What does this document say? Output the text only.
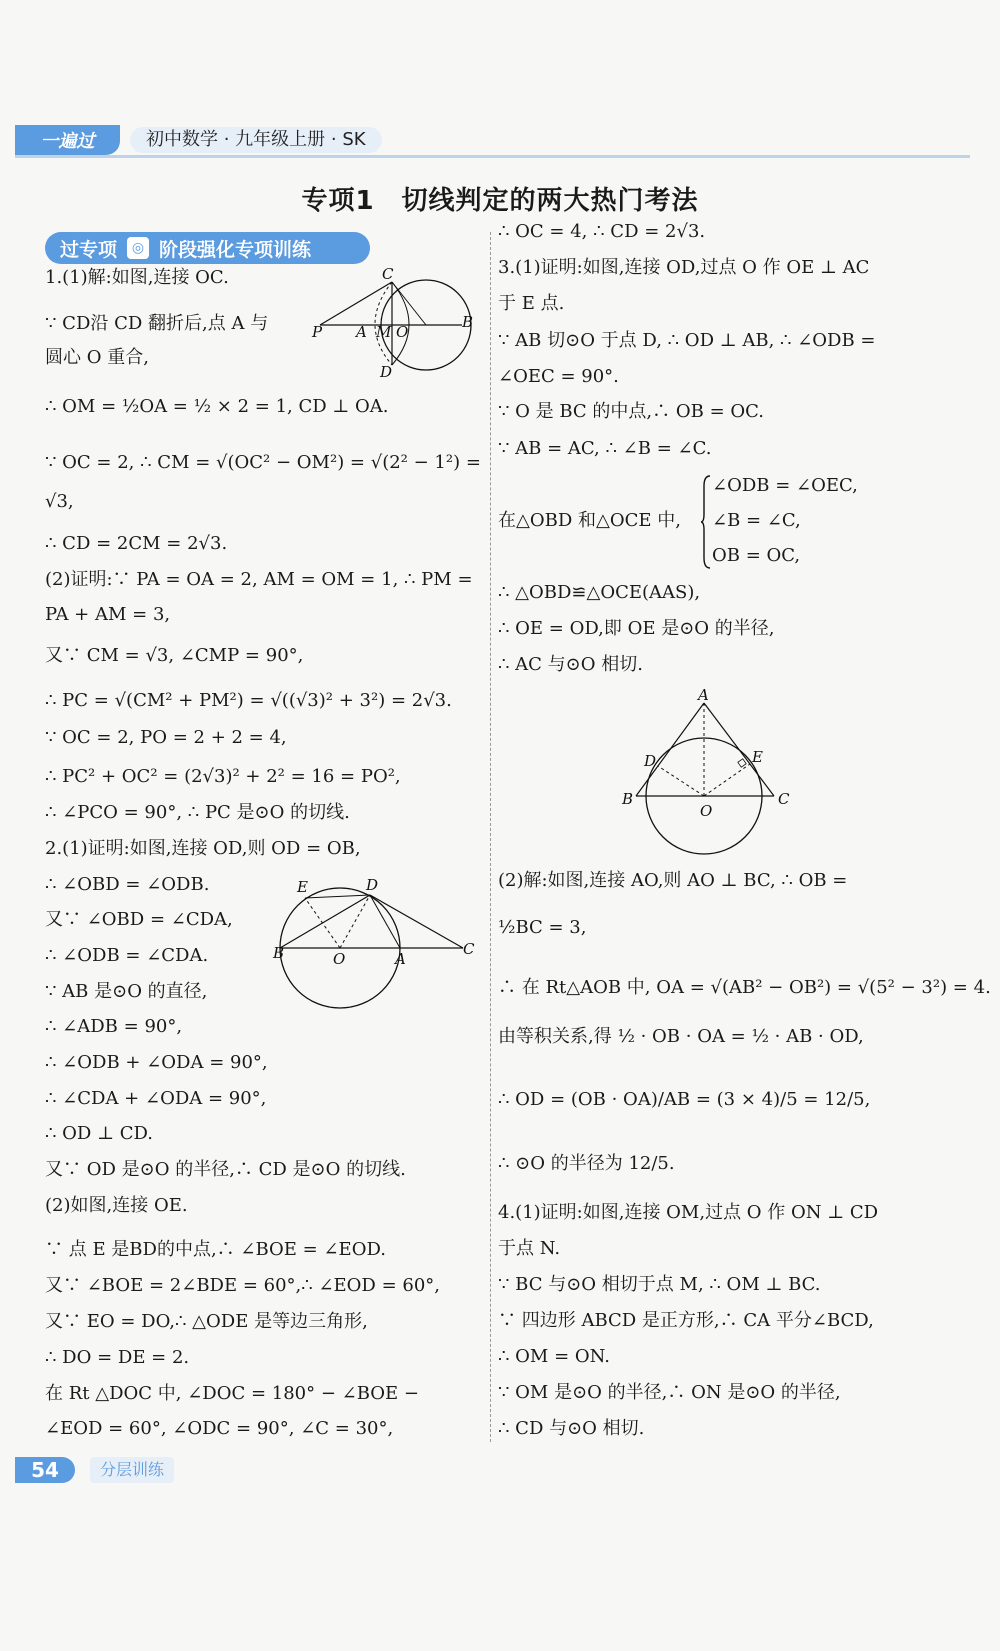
一遍过	初中数学 · 九年级上册 · SK
专项1　切线判定的两大热门考法
过专项	◎ 阶段强化专项训练
1.(1)解:如图,连接 OC.
∵ CD沿 CD 翻折后,点 A 与
圆心 O 重合,
∴ OM = ½OA = ½ × 2 = 1, CD ⊥ OA.
∵ OC = 2, ∴ CM = √(OC² − OM²) = √(2² − 1²) =
√3,
∴ CD = 2CM = 2√3.
(2)证明:∵ PA = OA = 2, AM = OM = 1, ∴ PM =
PA + AM = 3,
又∵ CM = √3, ∠CMP = 90°,
∴ PC = √(CM² + PM²) = √((√3)² + 3²) = 2√3.
∵ OC = 2, PO = 2 + 2 = 4,
∴ PC² + OC² = (2√3)² + 2² = 16 = PO²,
∴ ∠PCO = 90°, ∴ PC 是⊙O 的切线.
2.(1)证明:如图,连接 OD,则 OD = OB,
∴ ∠OBD = ∠ODB.
又∵ ∠OBD = ∠CDA,
∴ ∠ODB = ∠CDA.
∵ AB 是⊙O 的直径,
∴ ∠ADB = 90°,
∴ ∠ODB + ∠ODA = 90°,
∴ ∠CDA + ∠ODA = 90°,
∴ OD ⊥ CD.
又∵ OD 是⊙O 的半径,∴ CD 是⊙O 的切线.
(2)如图,连接 OE.
∵ 点 E 是BD的中点,∴ ∠BOE = ∠EOD.
又∵ ∠BOE = 2∠BDE = 60°,∴ ∠EOD = 60°,
又∵ EO = DO,∴ △ODE 是等边三角形,
∴ DO = DE = 2.
在 Rt △DOC 中, ∠DOC = 180° − ∠BOE −
∠EOD = 60°, ∠ODC = 90°, ∠C = 30°,
C
P A M O
B
D
E	D
B	O	A
C
∴ OC = 4, ∴ CD = 2√3.
3.(1)证明:如图,连接 OD,过点 O 作 OE ⊥ AC
于 E 点.
∵ AB 切⊙O 于点 D, ∴ OD ⊥ AB, ∴ ∠ODB =
∠OEC = 90°.
∵ O 是 BC 的中点,∴ OB = OC.
∵ AB = AC, ∴ ∠B = ∠C.
∠ODB = ∠OEC,
在△OBD 和△OCE 中, ∠B = ∠C,
OB = OC,
∴ △OBD≌△OCE(AAS),
∴ OE = OD,即 OE 是⊙O 的半径,
∴ AC 与⊙O 相切.
(2)解:如图,连接 AO,则 AO ⊥ BC, ∴ OB =
½BC = 3,
∴ 在 Rt△AOB 中, OA = √(AB² − OB²) = √(5² − 3²) = 4.
由等积关系,得 ½ · OB · OA = ½ · AB · OD,
∴ OD = (OB · OA)/AB = (3 × 4)/5 = 12/5,
∴ ⊙O 的半径为 12/5.
4.(1)证明:如图,连接 OM,过点 O 作 ON ⊥ CD
于点 N.
∵ BC 与⊙O 相切于点 M, ∴ OM ⊥ BC.
∵ 四边形 ABCD 是正方形,∴ CA 平分∠BCD,
∴ OM = ON.
∵ OM 是⊙O 的半径,∴ ON 是⊙O 的半径,
∴ CD 与⊙O 相切.
A
D	E
B
O
C
54	分层训练
